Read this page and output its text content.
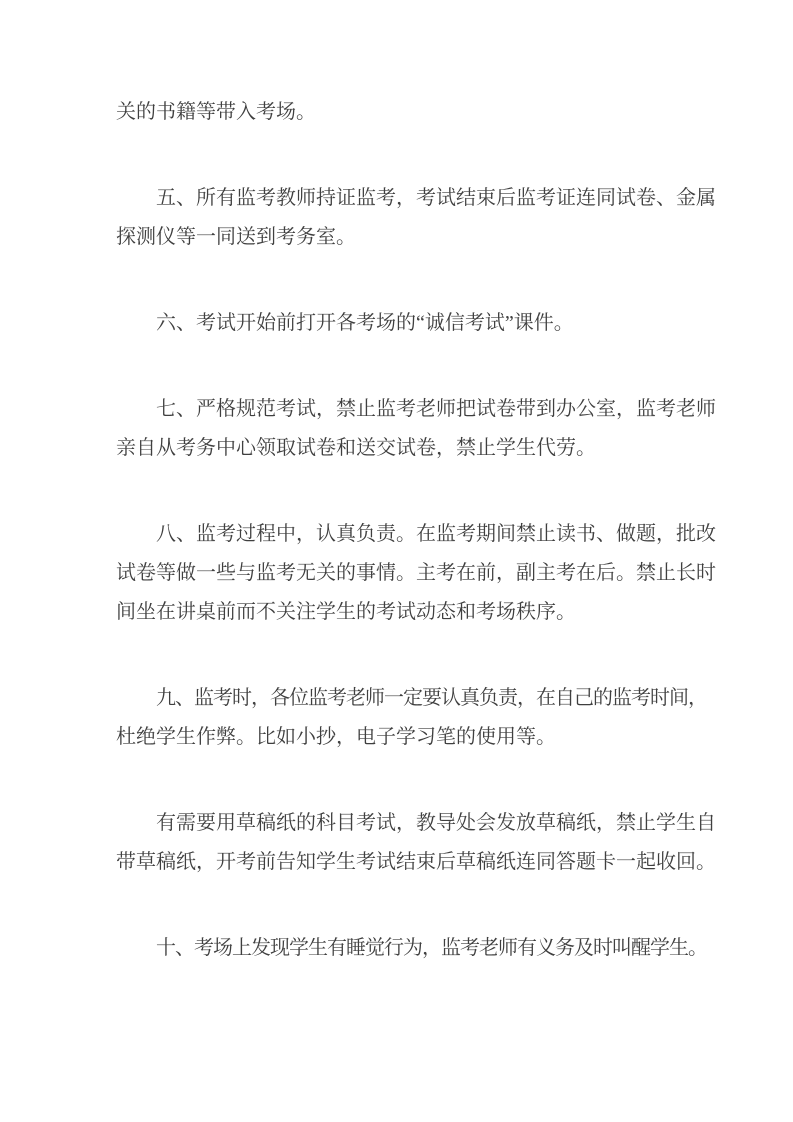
关的书籍等带入考场。
五、所有监考教师持证监考，考试结束后监考证连同试卷、金属
探测仪等一同送到考务室。
六、考试开始前打开各考场的“诚信考试”课件。
七、严格规范考试，禁止监考老师把试卷带到办公室，监考老师
亲自从考务中心领取试卷和送交试卷，禁止学生代劳。
八、监考过程中，认真负责。在监考期间禁止读书、做题，批改
试卷等做一些与监考无关的事情。主考在前，副主考在后。禁止长时
间坐在讲桌前而不关注学生的考试动态和考场秩序。
九、监考时，各位监考老师一定要认真负责，在自己的监考时间，
杜绝学生作弊。比如小抄，电子学习笔的使用等。
有需要用草稿纸的科目考试，教导处会发放草稿纸，禁止学生自
带草稿纸，开考前告知学生考试结束后草稿纸连同答题卡一起收回。
十、考场上发现学生有睡觉行为，监考老师有义务及时叫醒学生。
